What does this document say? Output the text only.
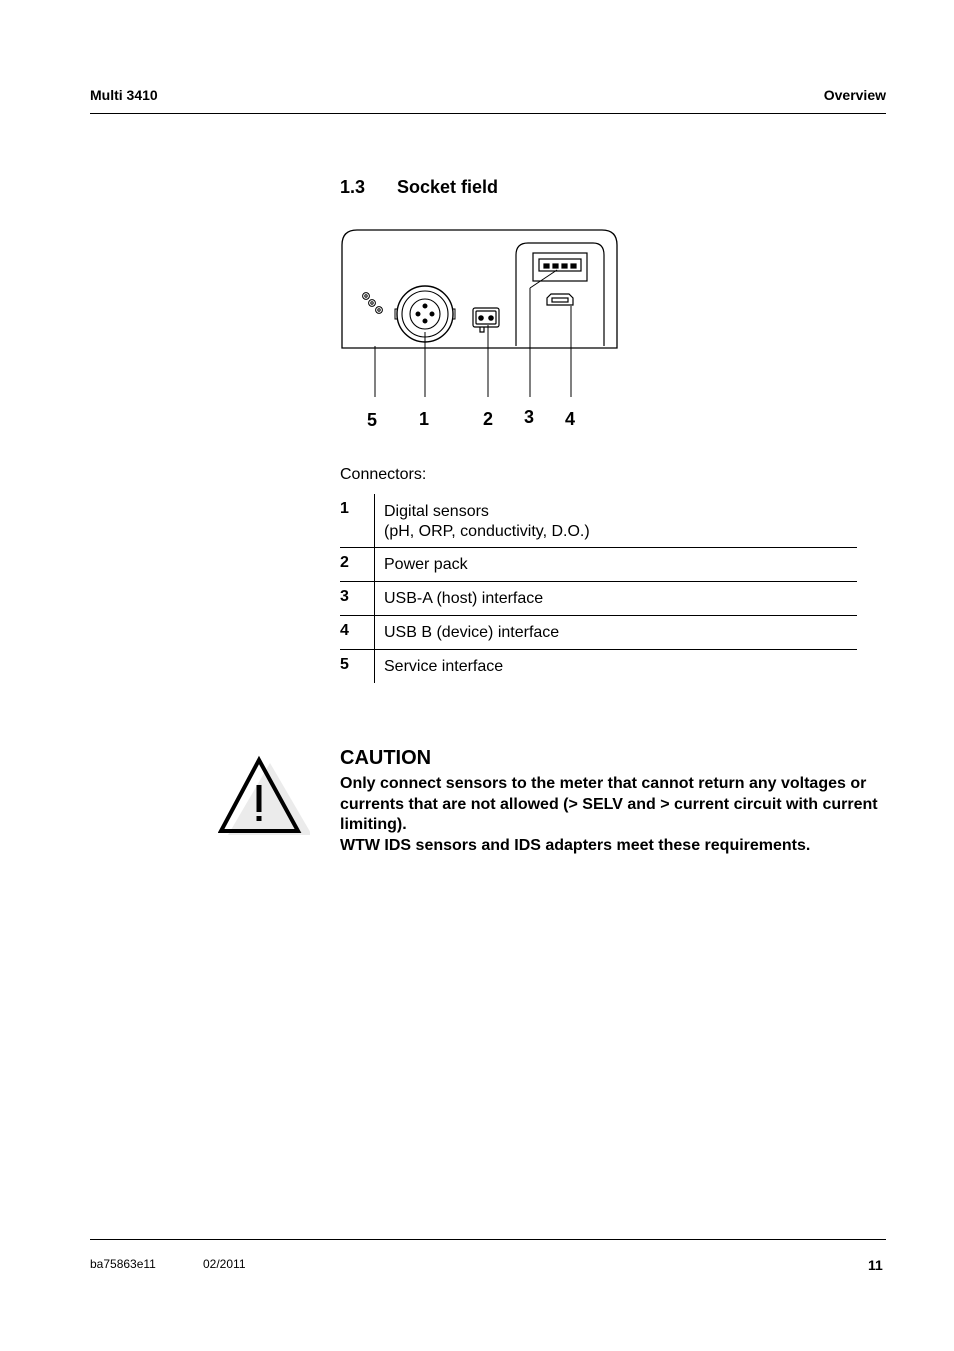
Multi 3410	Overview
1.3 Socket field
5 1	2 3 4
Connectors:
1	Digital sensors
(pH, ORP, conductivity, D.O.)

2	Power pack
3	USB-A (host) interface
4	USB B (device) interface
5	Service interface
CAUTION
Only connect sensors to the meter that cannot return any voltages or currents that are not allowed (> SELV and > current circuit with current limiting).
WTW IDS sensors and IDS adapters meet these requirements.
ba75863e11	02/2011	11
